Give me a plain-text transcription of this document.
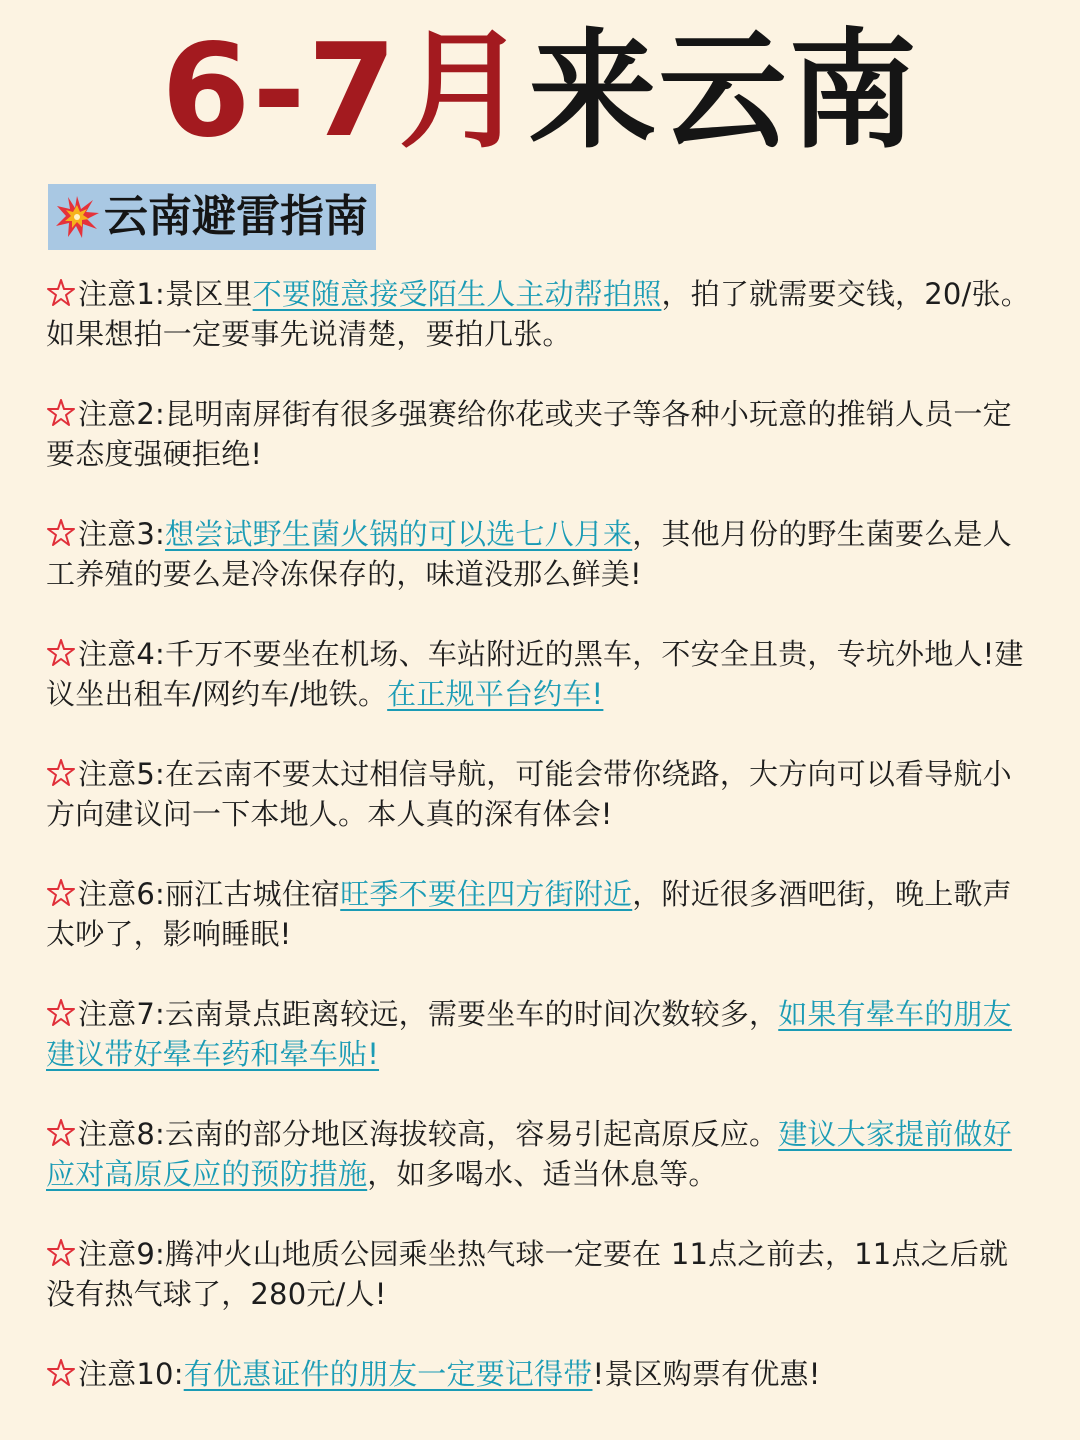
6-7月来云南
云南避雷指南

注意1:景区里不要随意接受陌生人主动帮拍照，拍了就需要交钱，20/张。如果想拍一定要事先说清楚，要拍几张。

注意2:昆明南屏街有很多强赛给你花或夹子等各种小玩意的推销人员一定要态度强硬拒绝!

注意3:想尝试野生菌火锅的可以选七八月来，其他月份的野生菌要么是人工养殖的要么是冷冻保存的，味道没那么鲜美!

注意4:千万不要坐在机场、车站附近的黑车，不安全且贵，专坑外地人!建议坐出租车/网约车/地铁。在正规平台约车!

注意5:在云南不要太过相信导航，可能会带你绕路，大方向可以看导航小方向建议问一下本地人。本人真的深有体会!

注意6:丽江古城住宿旺季不要住四方街附近，附近很多酒吧街，晚上歌声太吵了，影响睡眠!

注意7:云南景点距离较远，需要坐车的时间次数较多，如果有晕车的朋友建议带好晕车药和晕车贴!

注意8:云南的部分地区海拔较高，容易引起高原反应。建议大家提前做好应对高原反应的预防措施，如多喝水、适当休息等。

注意9:腾冲火山地质公园乘坐热气球一定要在 11点之前去，11点之后就没有热气球了，280元/人!

注意10:有优惠证件的朋友一定要记得带!景区购票有优惠!
